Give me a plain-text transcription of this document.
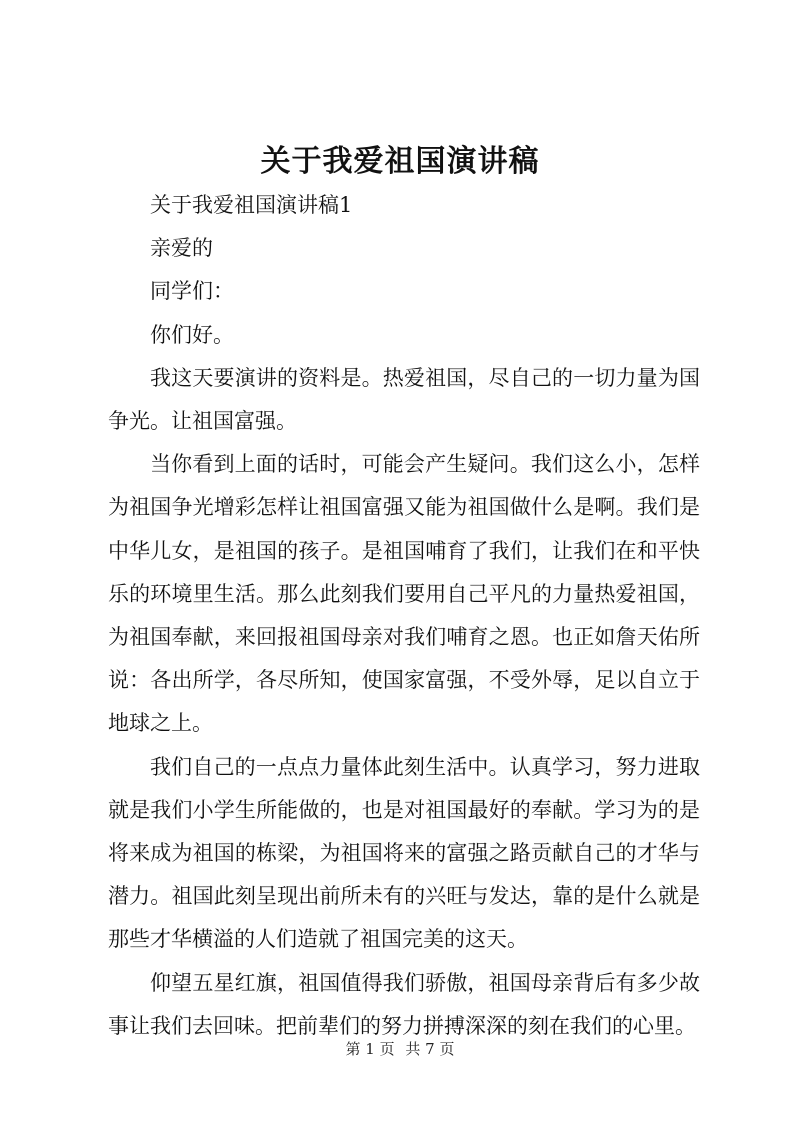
关于我爱祖国演讲稿

关于我爱祖国演讲稿1

亲爱的

同学们：

你们好。

我这天要演讲的资料是。热爱祖国，尽自己的一切力量为国争光。让祖国富强。

当你看到上面的话时，可能会产生疑问。我们这么小，怎样为祖国争光增彩怎样让祖国富强又能为祖国做什么是啊。我们是中华儿女，是祖国的孩子。是祖国哺育了我们，让我们在和平快乐的环境里生活。那么此刻我们要用自己平凡的力量热爱祖国，为祖国奉献，来回报祖国母亲对我们哺育之恩。也正如詹天佑所说：各出所学，各尽所知，使国家富强，不受外辱，足以自立于地球之上。

我们自己的一点点力量体此刻生活中。认真学习，努力进取就是我们小学生所能做的，也是对祖国最好的奉献。学习为的是将来成为祖国的栋梁，为祖国将来的富强之路贡献自己的才华与潜力。祖国此刻呈现出前所未有的兴旺与发达，靠的是什么就是那些才华横溢的人们造就了祖国完美的这天。

仰望五星红旗，祖国值得我们骄傲，祖国母亲背后有多少故事让我们去回味。把前辈们的努力拼搏深深的刻在我们的心里。

第 1 页 共 7 页
